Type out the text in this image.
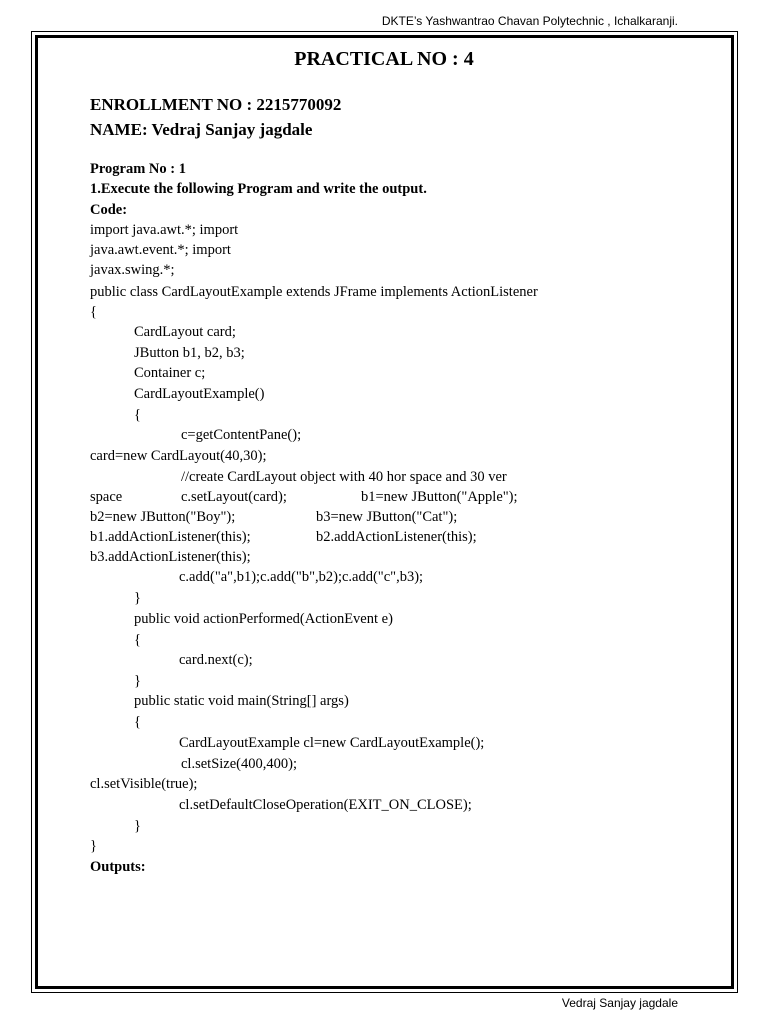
DKTE’s Yashwantrao Chavan Polytechnic , Ichalkaranji.
PRACTICAL NO : 4
ENROLLMENT NO : 2215770092
NAME: Vedraj Sanjay jagdale
Program No : 1
1.Execute the following Program and write the output.
Code:
import java.awt.*; import
java.awt.event.*; import
javax.swing.*;
public class CardLayoutExample extends JFrame implements ActionListener
{
CardLayout card;
JButton b1, b2, b3;
Container c;
CardLayoutExample()
{
c=getContentPane();
card=new CardLayout(40,30);
//create CardLayout object with 40 hor space and 30 ver
space	c.setLayout(card);	b1=new JButton("Apple");
b2=new JButton("Boy");	b3=new JButton("Cat");
b1.addActionListener(this);	b2.addActionListener(this);
b3.addActionListener(this);
c.add("a",b1);c.add("b",b2);c.add("c",b3);
}
public void actionPerformed(ActionEvent e)
{
card.next(c);
}
public static void main(String[] args)
{
CardLayoutExample cl=new CardLayoutExample();
cl.setSize(400,400);
cl.setVisible(true);
cl.setDefaultCloseOperation(EXIT_ON_CLOSE);
}
}
Outputs:
Vedraj Sanjay jagdale
